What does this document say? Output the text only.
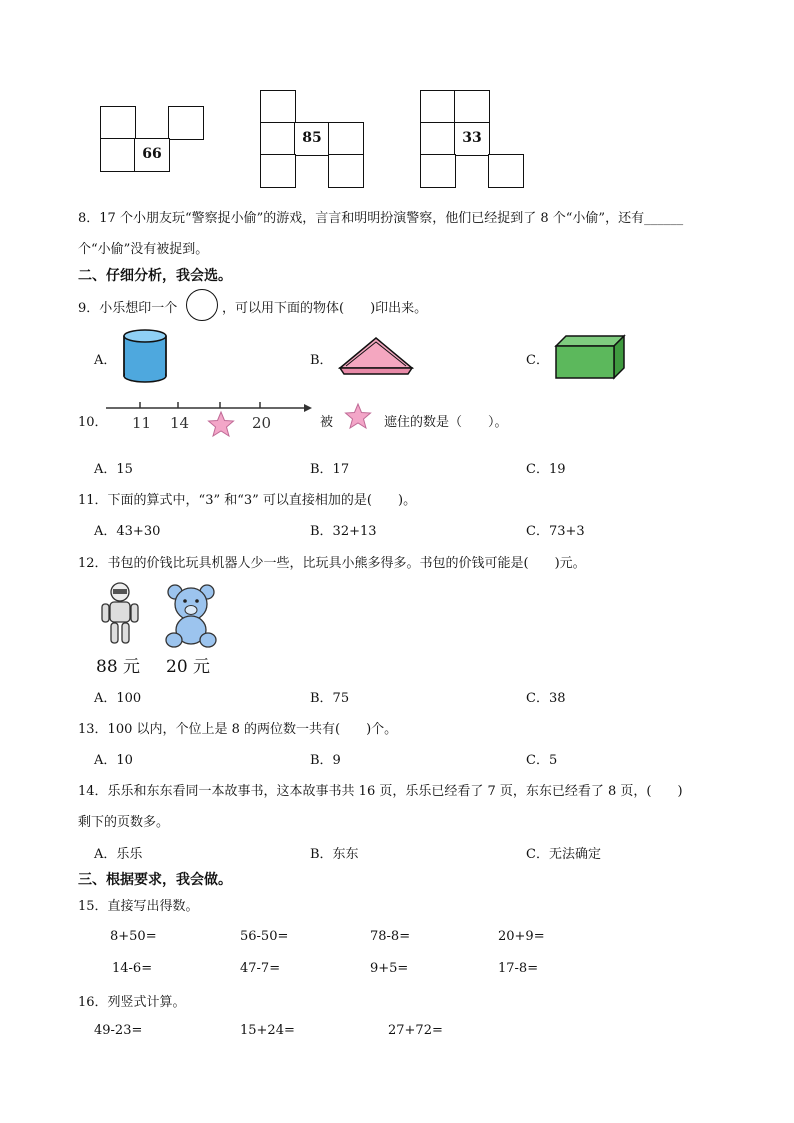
66
85	33
8．17 个小朋友玩“警察捉小偷”的游戏，言言和明明扮演警察，他们已经捉到了 8 个“小偷”，还有______
个“小偷”没有被捉到。
二、仔细分析，我会选。
9．小乐想印一个	，可以用下面的物体(　　)印出来。
A．	B．	C．
10． 11 14	20	被	遮住的数是（　　）。
A．15	B．17	C．19
11．下面的算式中，“3” 和“3” 可以直接相加的是(　　)。
A．43+30	B．32+13	C．73+3
12．书包的价钱比玩具机器人少一些，比玩具小熊多得多。书包的价钱可能是(　　)元。
88 元 20 元
A．100	B．75	C．38
13．100 以内，个位上是 8 的两位数一共有(　　)个。
A．10	B．9	C．5
14．乐乐和东东看同一本故事书，这本故事书共 16 页，乐乐已经看了 7 页，东东已经看了 8 页，(　　)
剩下的页数多。
A．乐乐	B．东东	C．无法确定
三、根据要求，我会做。
15．直接写出得数。
8+50=	56-50=	78-8=	20+9=
14-6=	47-7=	9+5=	17-8=
16．列竖式计算。
49-23=	15+24=	27+72=
